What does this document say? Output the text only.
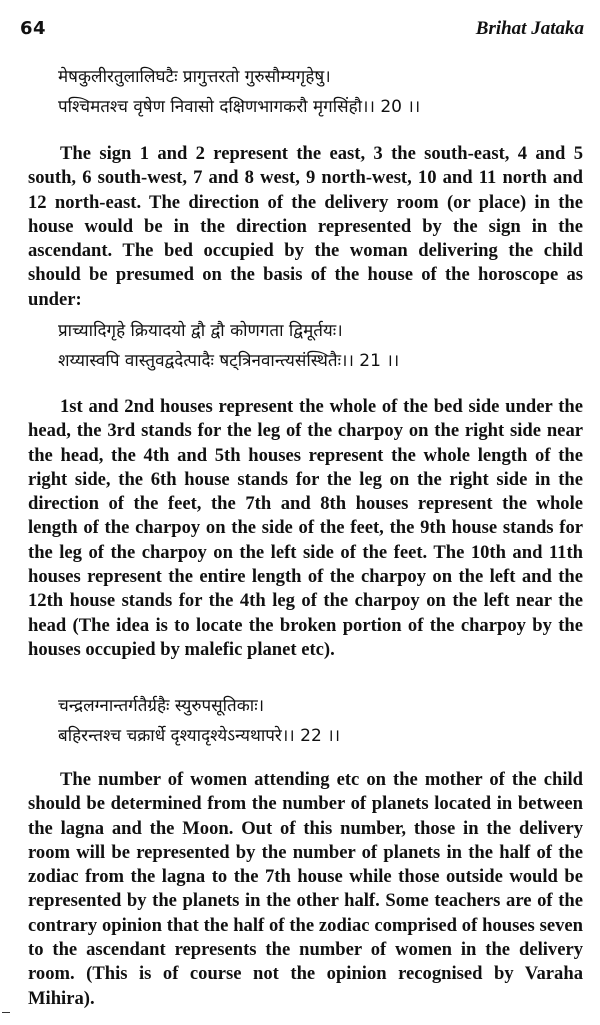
64	Brihat Jataka
मेषकुलीरतुलालिघटैः प्रागुत्तरतो गुरुसौम्यगृहेषु।
पश्चिमतश्च वृषेण निवासो दक्षिणभागकरौ मृगसिंहौ।। 20 ।।

The sign 1 and 2 represent the east, 3 the south-east, 4 and 5 south, 6 south-west, 7 and 8 west, 9 north-west, 10 and 11 north and 12 north-east. The direction of the delivery room (or place) in the house would be in the direction represented by the sign in the ascendant. The bed occupied by the woman delivering the child should be presumed on the basis of the house of the horoscope as under:

प्राच्यादिगृहे क्रियादयो द्वौ द्वौ कोणगता द्विमूर्तयः।
शय्यास्वपि वास्तुवद्वदेत्पादैः षट्त्रिनवान्त्यसंस्थितैः।। 21 ।।

1st and 2nd houses represent the whole of the bed side under the head, the 3rd stands for the leg of the charpoy on the right side near the head, the 4th and 5th houses represent the whole length of the right side, the 6th house stands for the leg on the right side in the direction of the feet, the 7th and 8th houses represent the whole length of the charpoy on the side of the feet, the 9th house stands for the leg of the charpoy on the left side of the feet. The 10th and 11th houses represent the entire length of the charpoy on the left and the 12th house stands for the 4th leg of the charpoy on the left near the head (The idea is to locate the broken portion of the charpoy by the houses occupied by malefic planet etc).

चन्द्रलग्नान्तर्गतैर्ग्रहैः स्युरुपसूतिकाः।
बहिरन्तश्च चक्रार्धे दृश्यादृश्येऽन्यथापरे।। 22 ।।

The number of women attending etc on the mother of the child should be determined from the number of planets located in between the lagna and the Moon. Out of this number, those in the delivery room will be represented by the number of planets in the half of the zodiac from the lagna to the 7th house while those outside would be represented by the planets in the other half. Some teachers are of the contrary opinion that the half of the zodiac comprised of houses seven to the ascendant represents the number of women in the delivery room. (This is of course not the opinion recognised by Varaha Mihira).
